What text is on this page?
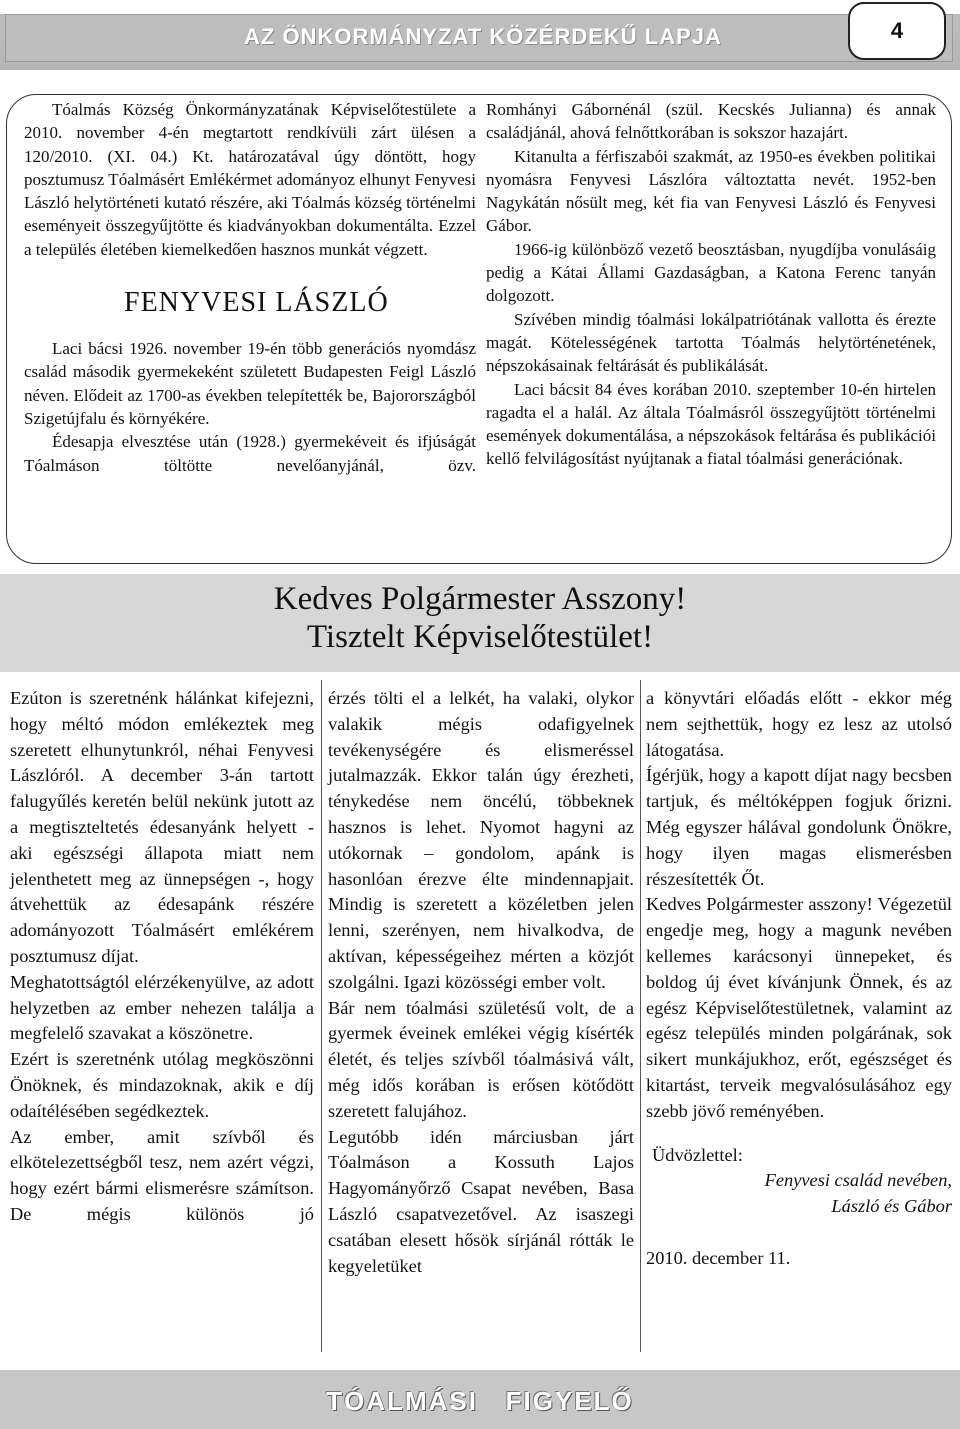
AZ ÖNKORMÁNYZAT KÖZÉRDEKŰ LAPJA	4

Tóalmás Község Önkormányzatának Képviselőtestülete a 2010. november 4-én megtartott rendkívüli zárt ülésen a 120/2010. (XI. 04.) Kt. határozatával úgy döntött, hogy posztumusz Tóalmásért Emlékérmet adományoz elhunyt Fenyvesi László helytörténeti kutató részére, aki Tóalmás község történelmi eseményeit összegyűjtötte és kiadványokban dokumentálta. Ezzel a település életében kiemelkedően hasznos munkát végzett.

FENYVESI LÁSZLÓ

Laci bácsi 1926. november 19-én több generációs nyomdász család második gyermekeként született Budapesten Feigl László néven. Elődeit az 1700-as években telepítették be, Bajorországból Szigetújfalu és környékére.

Édesapja elvesztése után (1928.) gyermekéveit és ifjúságát Tóalmáson töltötte nevelőanyjánál, özv.

Romhányi Gábornénál (szül. Kecskés Julianna) és annak családjánál, ahová felnőttkorában is sokszor hazajárt.

Kitanulta a férfiszabói szakmát, az 1950-es években politikai nyomásra Fenyvesi Lászlóra változtatta nevét. 1952-ben Nagykátán nősült meg, két fia van Fenyvesi László és Fenyvesi Gábor.

1966-ig különböző vezető beosztásban, nyugdíjba vonulásáig pedig a Kátai Állami Gazdaságban, a Katona Ferenc tanyán dolgozott.

Szívében mindig tóalmási lokálpatriótának vallotta és érezte magát. Kötelességének tartotta Tóalmás helytörténetének, népszokásainak feltárását és publikálását.

Laci bácsit 84 éves korában 2010. szeptember 10-én hirtelen ragadta el a halál. Az általa Tóalmásról összegyűjtött történelmi események dokumentálása, a népszokások feltárása és publikációi kellő felvilágosítást nyújtanak a fiatal tóalmási generációnak.

Kedves Polgármester Asszony!
Tisztelt Képviselőtestület!

Ezúton is szeretnénk hálánkat kifejezni, hogy méltó módon emlékeztek meg szeretett elhunytunkról, néhai Fenyvesi Lászlóról. A december 3-án tartott falugyűlés keretén belül nekünk jutott az a megtiszteltetés édesanyánk helyett - aki egészségi állapota miatt nem jelenthetett meg az ünnepségen -, hogy átvehettük az édesapánk részére adományozott Tóalmásért emlékérem posztumusz díjat.

Meghatottságtól elérzékenyülve, az adott helyzetben az ember nehezen találja a megfelelő szavakat a köszönetre.

Ezért is szeretnénk utólag megköszönni Önöknek, és mindazoknak, akik e díj odaítélésében segédkeztek.

Az ember, amit szívből és elkötelezettségből tesz, nem azért végzi, hogy ezért bármi elismerésre számítson. De mégis különös jó

érzés tölti el a lelkét, ha valaki, olykor valakik mégis odafigyelnek tevékenységére és elismeréssel jutalmazzák. Ekkor talán úgy érezheti, ténykedése nem öncélú, többeknek hasznos is lehet. Nyomot hagyni az utókornak – gondolom, apánk is hasonlóan érezve élte mindennapjait. Mindig is szeretett a közéletben jelen lenni, szerényen, nem hivalkodva, de aktívan, képességeihez mérten a közjót szolgálni. Igazi közösségi ember volt.

Bár nem tóalmási születésű volt, de a gyermek éveinek emlékei végig kísérték életét, és teljes szívből tóalmásivá vált, még idős korában is erősen kötődött szeretett falujához.

Legutóbb idén márciusban járt Tóalmáson a Kossuth Lajos Hagyományőrző Csapat nevében, Basa László csapatvezetővel. Az isaszegi csatában elesett hősök sírjánál rótták le kegyeletüket

a könyvtári előadás előtt - ekkor még nem sejthettük, hogy ez lesz az utolsó látogatása.

Ígérjük, hogy a kapott díjat nagy becsben tartjuk, és méltóképpen fogjuk őrizni. Még egyszer hálával gondolunk Önökre, hogy ilyen magas elismerésben részesítették Őt.

Kedves Polgármester asszony! Végezetül engedje meg, hogy a magunk nevében kellemes karácsonyi ünnepeket, és boldog új évet kívánjunk Önnek, és az egész Képviselőtestületnek, valamint az egész település minden polgárának, sok sikert munkájukhoz, erőt, egészséget és kitartást, terveik megvalósulásához egy szebb jövő reményében.

Üdvözlettel:

Fenyvesi család nevében,

László és Gábor

2010. december 11.

TÓALMÁSI FIGYELŐ
